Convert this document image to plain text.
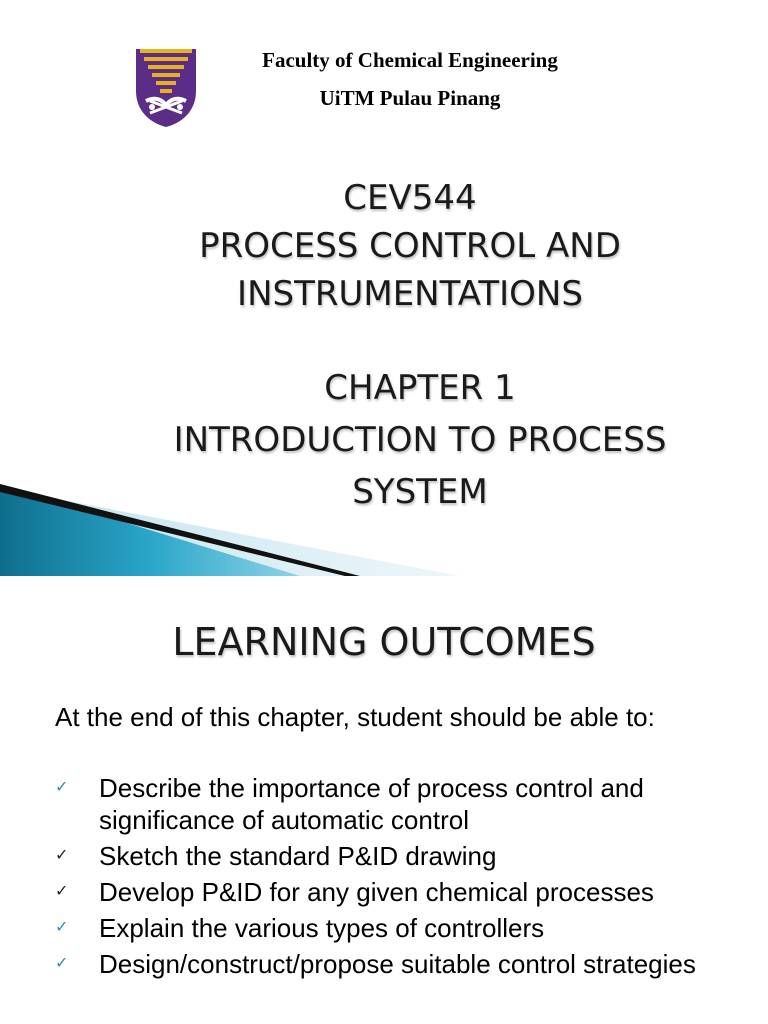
Faculty of Chemical Engineering
UiTM Pulau Pinang
CEV544
PROCESS CONTROL AND
INSTRUMENTATIONS
CHAPTER 1
INTRODUCTION TO PROCESS
SYSTEM
LEARNING OUTCOMES
At the end of this chapter, student should be able to:
✓	Describe the importance of process control and significance of automatic control
✓	Sketch the standard P&ID drawing
✓	Develop P&ID for any given chemical processes
✓	Explain the various types of controllers
✓	Design/construct/propose suitable control strategies
